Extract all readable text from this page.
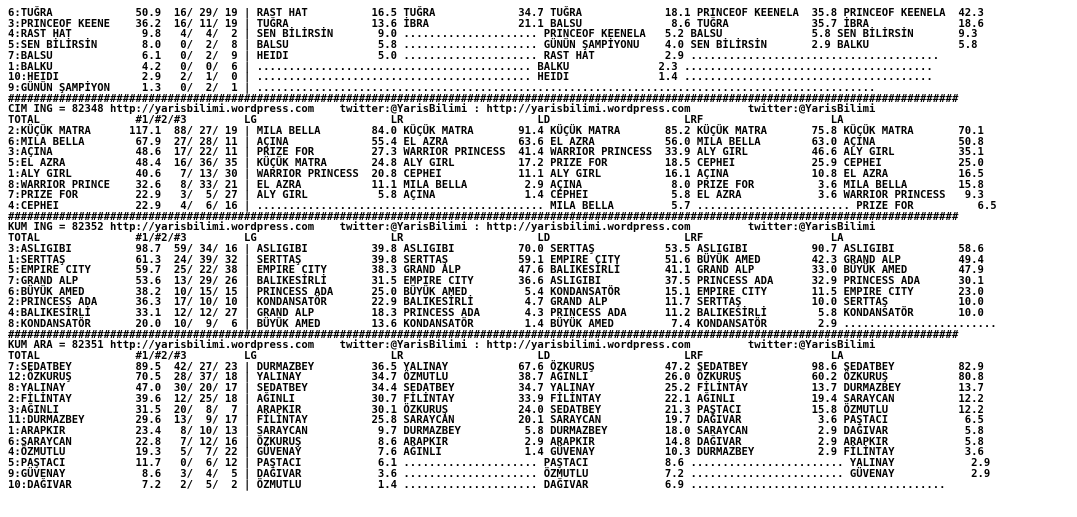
6:TUĞRA             50.9  16/ 29/ 19 | RAST HAT          16.5 TUĞRA             34.7 TUĞRA             18.1 PRINCEOF KEENELA  35.8 PRINCEOF KEENELA  42.3
3:PRINCEOF KEENE    36.2  16/ 11/ 19 | TUĞRA             13.6 İBRA              21.1 BALSU              8.6 TUĞRA             35.7 İBRA              18.6
4:RAST HAT           9.8   4/  4/  2 | SEN BİLİRSİN       9.0 ..................... PRINCEOF KEENELA   5.2 BALSU              5.8 SEN BİLİRSİN       9.3
5:SEN BİLİRSİN       8.0   0/  2/  8 | BALSU              5.8 ..................... GÜNÜN ŞAMPİYONU    4.0 SEN BİLİRSİN       2.9 BALKU              5.8
7:BALSU              6.1   0/  2/  9 | HEIDI              5.0 ..................... RAST HAT           2.9 .......................................
1:BALKU              4.2   0/  0/  6 | ........................................... BALKU              2.3 .......................................
10:HEIDI             2.9   2/  1/  0 | ........................................... HEIDI              1.4 .......................................
9:GÜNÜN ŞAMPİYON     1.3   0/  2/  1 | .................................................................................................
#####################################################################################################################################################
CIM ING = 82348 http://yarisbilimi.wordpress.com    twitter:@YarisBilimi : http://yarisbilimi.wordpress.com         twitter:@YarisBilimi
TOTAL               #1/#2/#3         LG                     LR                     LD                     LRF                    LA
2:KÜÇÜK MATRA      117.1  88/ 27/ 19 | MILA BELLA        84.0 KÜÇÜK MATRA       91.4 KÜÇÜK MATRA       85.2 KÜÇÜK MATRA       75.8 KÜÇÜK MATRA       70.1
6:MILA BELLA        67.9  27/ 28/ 11 | AÇINA             55.4 EL AZRA           63.6 EL AZRA           56.0 MILA BELLA        63.0 AÇINA             50.8
3:AÇINA             48.6  17/ 22/ 11 | PRIZE FOR         27.3 WARRIOR PRINCESS  41.4 WARRIOR PRINCESS  33.9 ALY GIRL          46.6 ALY GIRL          35.1
5:EL AZRA           48.4  16/ 36/ 35 | KÜÇÜK MATRA       24.8 ALY GIRL          17.2 PRIZE FOR         18.5 CEPHEI            25.9 CEPHEI            25.0
1:ALY GIRL          40.6   7/ 13/ 30 | WARRIOR PRINCESS  20.8 CEPHEI            11.1 ALY GIRL          16.1 AÇINA             10.8 EL AZRA           16.5
8:WARRIOR PRINCE    32.6   8/ 33/ 21 | EL AZRA           11.1 MILA BELLA         2.9 AÇINA              8.0 PRIZE FOR          3.6 MILA BELLA        15.8
7:PRIZE FOR         22.9   3/  5/ 27 | ALY GIRL           5.8 AÇINA              1.4 CEPHEI             5.8 EL AZRA            3.6 WARRIOR PRINCESS   9.3
4:CEPHEI            22.9   4/  6/ 16 | ............................................. MILA BELLA         5.7 ........................ PRIZE FOR          6.5
#####################################################################################################################################################
KUM ING = 82352 http://yarisbilimi.wordpress.com    twitter:@YarisBilimi : http://yarisbilimi.wordpress.com         twitter:@YarisBilimi
TOTAL               #1/#2/#3         LG                     LR                     LD                     LRF                    LA
3:ASLIGIBI          98.7  59/ 34/ 16 | ASLIGIBI          39.8 ASLIGIBI          70.0 SERTTAŞ           53.5 ASLIGIBI          90.7 ASLIGIBI          58.6
1:SERTTAŞ           61.3  24/ 39/ 32 | SERTTAŞ           39.8 SERTTAŞ           59.1 EMPIRE CITY       51.6 BÜYÜK AMED        42.3 GRAND ALP         49.4
5:EMPIRE CITY       59.7  25/ 22/ 38 | EMPIRE CITY       38.3 GRAND ALP         47.6 BALIKESİRLİ       41.1 GRAND ALP         33.0 BÜYÜK AMED        47.9
7:GRAND ALP         53.6  13/ 29/ 26 | BALIKESİRLİ       31.5 EMPIRE CITY       36.6 ASLIGIBI          37.5 PRINCESS ADA      32.9 PRINCESS ADA      30.1
6:BÜYÜK AMED        38.2  10/ 15/ 15 | PRINCESS ADA      25.0 BÜYÜK AMED         5.4 KONDANSATÖR       15.1 EMPIRE CITY       11.5 EMPIRE CITY       23.0
2:PRINCESS ADA      36.3  17/ 10/ 10 | KONDANSATÖR       22.9 BALIKESİRLİ        4.7 GRAND ALP         11.7 SERTTAŞ           10.0 SERTTAŞ           10.0
4:BALIKESİRLİ       33.1  12/ 12/ 27 | GRAND ALP         18.3 PRINCESS ADA       4.3 PRINCESS ADA      11.2 BALIKESİRLİ        5.8 KONDANSATÖR       10.0
8:KONDANSATÖR       20.0  10/  9/  6 | BÜYÜK AMED        13.6 KONDANSATÖR        1.4 BÜYÜK AMED         7.4 KONDANSATÖR        2.9 ........................
#####################################################################################################################################################
KUM ARA = 82351 http://yarisbilimi.wordpress.com    twitter:@YarisBilimi : http://yarisbilimi.wordpress.com         twitter:@YarisBilimi
TOTAL               #1/#2/#3         LG                     LR                     LD                     LRF                    LA
7:SEDATBEY          89.5  42/ 27/ 23 | DURMAZBEY         36.5 YALINAY           67.6 ÖZKURUŞ           47.2 SEDATBEY          98.6 SEDATBEY          82.9
12:ÖZKURUŞ          70.5  28/ 37/ 18 | YALINAY           34.7 ÖZMUTLU           38.7 AĞINLI            26.0 ÖZKURUŞ           60.2 ÖZKURUŞ           80.8
8:YALINAY           47.0  30/ 20/ 17 | SEDATBEY          34.4 SEDATBEY          34.7 YALINAY           25.2 FİLİNTAY          13.7 DURMAZBEY         13.7
2:FİLİNTAY          39.6  12/ 25/ 18 | AĞINLI            30.7 FİLİNTAY          33.9 FİLİNTAY          22.1 AĞINLI            19.4 SARAYCAN          12.2
3:AĞINLI            31.5  20/  8/  7 | ARAPKIR           30.1 ÖZKURUŞ           24.0 SEDATBEY          21.3 PAŞTACI           15.8 ÖZMUTLU           12.2
11:DURMAZBEY        29.6  13/  9/ 17 | FİLİNTAY          25.8 SARAYCAN          20.1 SARAYCAN          19.7 DAĞIVAR            3.6 PAŞTACI            6.5
1:ARAPKIR           23.4   8/ 10/ 13 | SARAYCAN           9.7 DURMAZBEY          5.8 DURMAZBEY         18.0 SARAYCAN           2.9 DAĞIVAR            5.8
6:SARAYCAN          22.8   7/ 12/ 16 | ÖZKURUŞ            8.6 ARAPKIR            2.9 ARAPKIR           14.8 DAĞIVAR            2.9 ARAPKIR            5.8
4:ÖZMUTLU           19.3   5/  7/ 22 | GÜVENAY            7.6 AĞINLI             1.4 GÜVENAY           10.3 DURMAZBEY          2.9 FİLİNTAY           3.6
5:PAŞTACI           11.7   0/  6/ 12 | PAŞTACI            6.1 ..................... PAŞTACI            8.6 ........................ YALINAY            2.9
9:GÜVENAY            8.6   3/  4/  5 | DAĞIVAR            3.6 ..................... ÖZMUTLU            7.2 ........................ GÜVENAY            2.9
10:DAĞIVAR           7.2   2/  5/  2 | ÖZMUTLU            1.4 ..................... DAĞIVAR            6.9 ........................................
